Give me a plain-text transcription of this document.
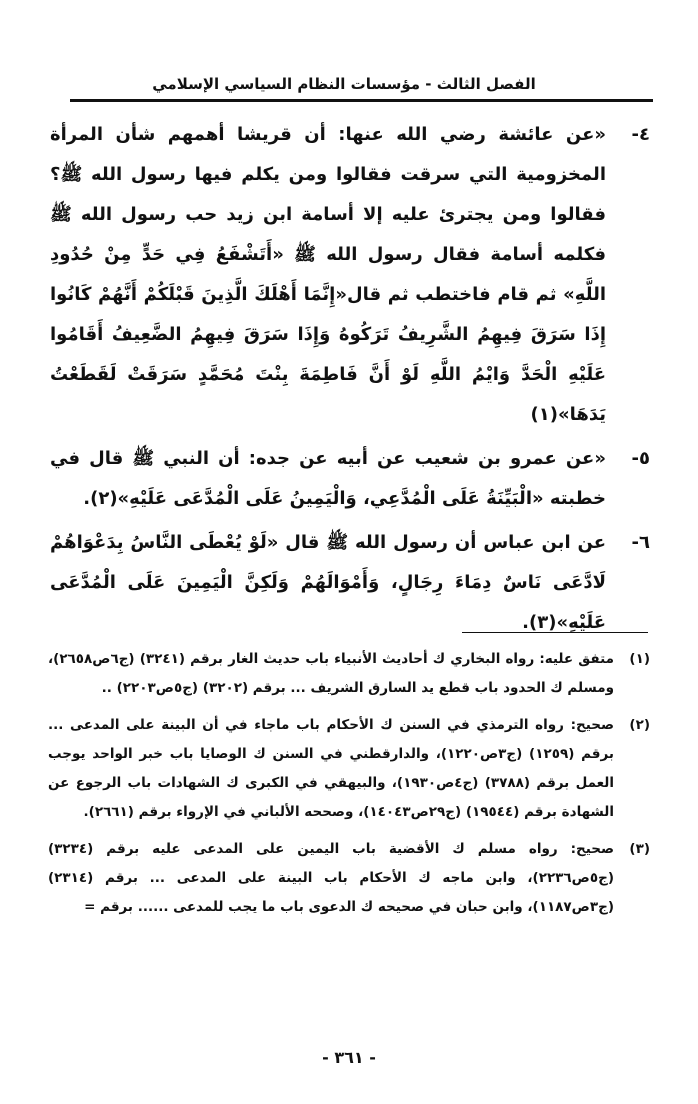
الفصل الثالث - مؤسسات النظام السياسي الإسلامي

٤-
«عن عائشة رضي الله عنها: أن قريشا أهمهم شأن المرأة المخزومية التي سرقت فقالوا ومن يكلم فيها رسول الله ﷺ؟ فقالوا ومن يجترئ عليه إلا أسامة ابن زيد حب رسول الله ﷺ فكلمه أسامة فقال رسول الله ﷺ «أَتَشْفَعُ فِي حَدٍّ مِنْ حُدُودِ اللَّهِ» ثم قام فاختطب ثم قال«إِنَّمَا أَهْلَكَ الَّذِينَ قَبْلَكُمْ أَنَّهُمْ كَانُوا إِذَا سَرَقَ فِيهِمُ الشَّرِيفُ تَرَكُوهُ وَإِذَا سَرَقَ فِيهِمُ الضَّعِيفُ أَقَامُوا عَلَيْهِ الْحَدَّ وَايْمُ اللَّهِ لَوْ أَنَّ فَاطِمَةَ بِنْتَ مُحَمَّدٍ سَرَقَتْ لَقَطَعْتُ يَدَهَا»(١)

٥-
«عن عمرو بن شعيب عن أبيه عن جده: أن النبي ﷺ قال في خطبته «الْبَيِّنَةُ عَلَى الْمُدَّعِي، وَالْيَمِينُ عَلَى الْمُدَّعَى عَلَيْهِ»(٢).

٦-
عن ابن عباس أن رسول الله ﷺ قال «لَوْ يُعْطَى النَّاسُ بِدَعْوَاهُمْ لَادَّعَى نَاسٌ دِمَاءَ رِجَالٍ، وَأَمْوَالَهُمْ وَلَكِنَّ الْيَمِينَ عَلَى الْمُدَّعَى عَلَيْهِ»(٣).

(١)
متفق عليه: رواه البخاري ك أحاديث الأنبياء باب حديث الغار برقم (٣٢٤١) (ج٦ص٢٦٥٨)، ومسلم ك الحدود باب قطع يد السارق الشريف ... برقم (٣٢٠٢) (ج٥ص٢٢٠٣) ..
(٢)
صحيح: رواه الترمذي في السنن ك الأحكام باب ماجاء في أن البينة على المدعى ... برقم (١٢٥٩) (ج٣ص١٢٢٠)، والدارقطني في السنن ك الوصايا باب خبر الواحد يوجب العمل برقم (٣٧٨٨) (ج٤ص١٩٣٠)، والبيهقي في الكبرى ك الشهادات باب الرجوع عن الشهادة برقم (١٩٥٤٤) (ج٢٩ص١٤٠٤٣)، وصححه الألباني في الإرواء برقم (٢٦٦١).
(٣)
صحيح: رواه مسلم ك الأقضية باب اليمين على المدعى عليه برقم (٣٢٣٤) (ج٥ص٢٢٣٦)، وابن ماجه ك الأحكام باب البينة على المدعى ... برقم (٢٣١٤) (ج٣ص١١٨٧)، وابن حبان في صحيحه ك الدعوى باب ما يجب للمدعى ...... برقم =
- ٣٦١ -
